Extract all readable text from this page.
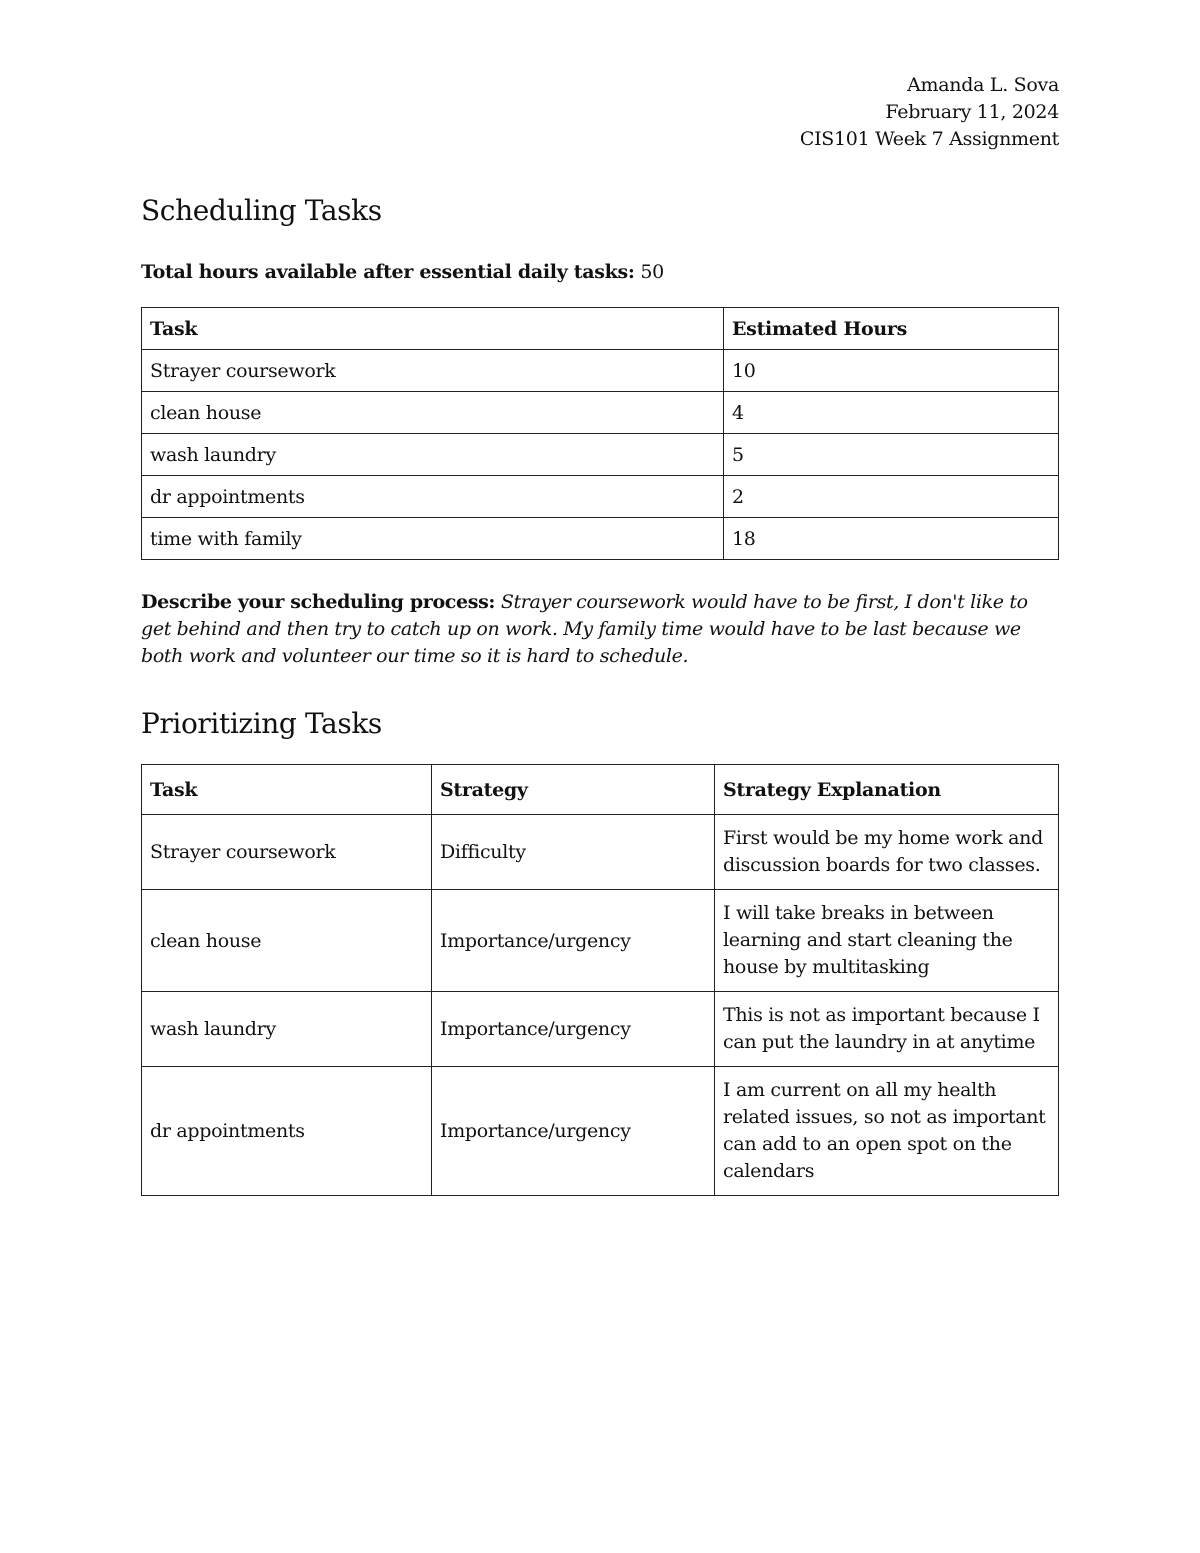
Amanda L. Sova
February 11, 2024
CIS101 Week 7 Assignment
Scheduling Tasks
Total hours available after essential daily tasks: 50
Task	Estimated Hours
Strayer coursework	10
clean house	4
wash laundry	5
dr appointments	2
time with family	18
Describe your scheduling process: Strayer coursework would have to be first, I don't like to get behind and then try to catch up on work. My family time would have to be last because we both work and volunteer our time so it is hard to schedule.
Prioritizing Tasks
Task	Strategy	Strategy Explanation
Strayer coursework	Difficulty	First would be my home work and discussion boards for two classes.
clean house	Importance/urgency	I will take breaks in between learning and start cleaning the house by multitasking
wash laundry	Importance/urgency	This is not as important because I can put the laundry in at anytime
dr appointments	Importance/urgency	I am current on all my health related issues, so not as important can add to an open spot on the calendars
